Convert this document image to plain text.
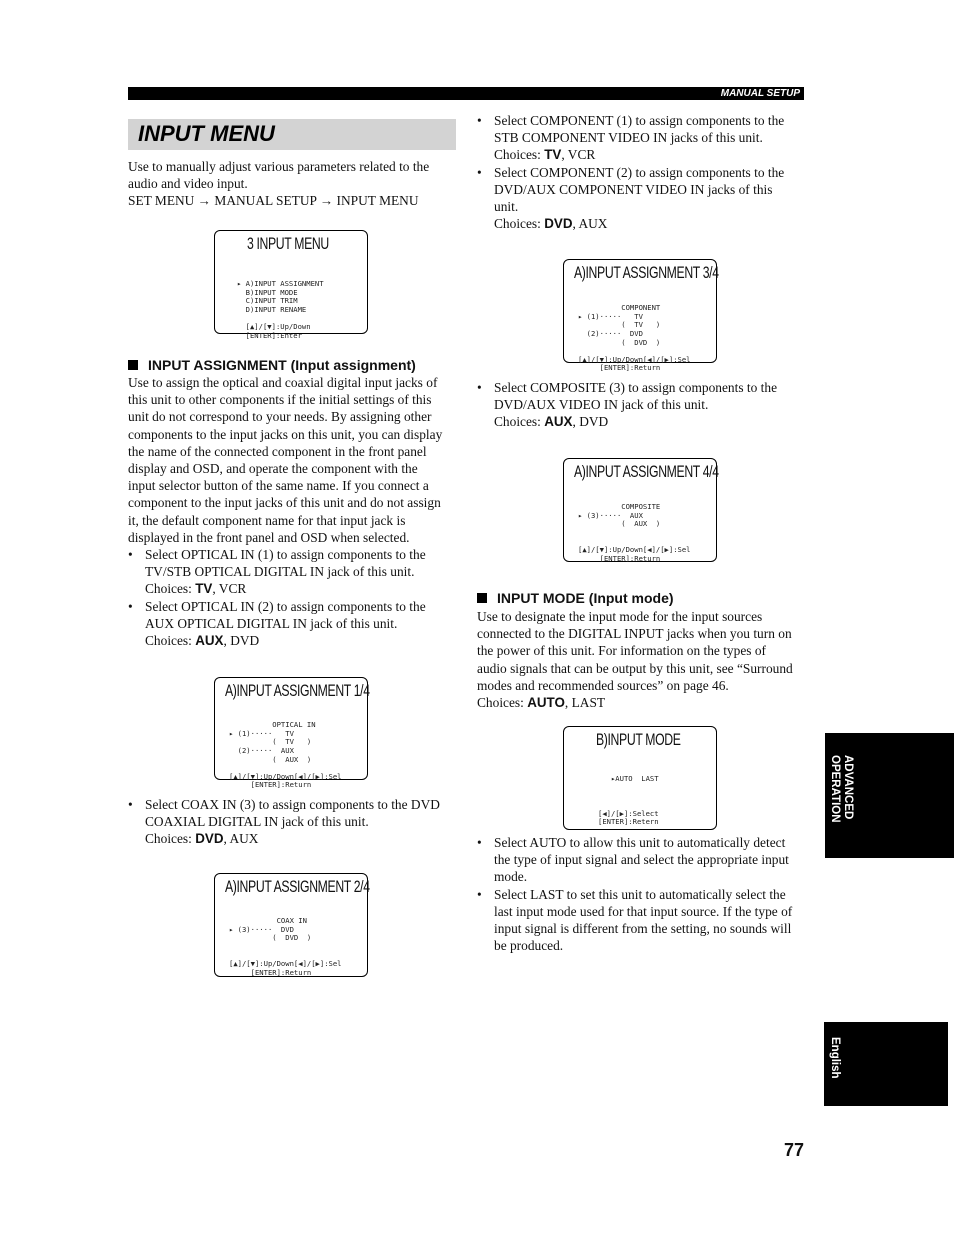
MANUAL SETUP
INPUT MENU

Use to manually adjust various parameters related to the
audio and video input.
SET MENU → MANUAL SETUP → INPUT MENU

3 INPUT MENU

▸ A)INPUT ASSIGNMENT
B)INPUT MODE
C)INPUT TRIM
D)INPUT RENAME

[▲]/[▼]:Up/Down
[ENTER]:Enter

INPUT ASSIGNMENT (Input assignment)

Use to assign the optical and coaxial digital input jacks of
this unit to other components if the initial settings of this
unit do not correspond to your needs. By assigning other
components to the input jacks on this unit, you can display
the name of the connected component in the front panel
display and OSD, and operate the component with the
input selector button of the same name. If you connect a
component to the input jacks of this unit and do not assign
it, the default component name for that input jack is
displayed in the front panel and OSD when selected.

• Select OPTICAL IN (1) to assign components to the
TV/STB OPTICAL DIGITAL IN jack of this unit.
Choices: TV, VCR
• Select OPTICAL IN (2) to assign components to the
AUX OPTICAL DIGITAL IN jack of this unit.
Choices: AUX, DVD
A)INPUT ASSIGNMENT 1/4

OPTICAL IN
▸ (1)·····   TV
(  TV   )
(2)·····  AUX
(  AUX  )

[▲]/[▼]:Up/Down[◀]/[▶]:Sel
[ENTER]:Return

• Select COAX IN (3) to assign components to the DVD
COAXIAL DIGITAL IN jack of this unit.
Choices: DVD, AUX
A)INPUT ASSIGNMENT 2/4

COAX IN
▸ (3)·····  DVD
(  DVD  )

[▲]/[▼]:Up/Down[◀]/[▶]:Sel
[ENTER]:Return

• Select COMPONENT (1) to assign components to the
STB COMPONENT VIDEO IN jacks of this unit.
Choices: TV, VCR
• Select COMPONENT (2) to assign components to the
DVD/AUX COMPONENT VIDEO IN jacks of this
unit.
Choices: DVD, AUX
A)INPUT ASSIGNMENT 3/4

COMPONENT
▸ (1)·····   TV
(  TV   )
(2)·····  DVD
(  DVD  )

[▲]/[▼]:Up/Down[◀]/[▶]:Sel
[ENTER]:Return

• Select COMPOSITE (3) to assign components to the
DVD/AUX VIDEO IN jack of this unit.
Choices: AUX, DVD
A)INPUT ASSIGNMENT 4/4

COMPOSITE
▸ (3)·····  AUX
(  AUX  )

[▲]/[▼]:Up/Down[◀]/[▶]:Sel
[ENTER]:Return

INPUT MODE (Input mode)

Use to designate the input mode for the input sources
connected to the DIGITAL INPUT jacks when you turn on
the power of this unit. For information on the types of
audio signals that can be output by this unit, see “Surround
modes and recommended sources” on page 46.
Choices: AUTO, LAST

B)INPUT MODE

▸AUTO  LAST

[◀]/[▶]:Select
[ENTER]:Retern

• Select AUTO to allow this unit to automatically detect
the type of input signal and select the appropriate input
mode.
• Select LAST to set this unit to automatically select the
last input mode used for that input source. If the type of
input signal is different from the setting, no sounds will
be produced.
ADVANCED
OPERATION
English
77
